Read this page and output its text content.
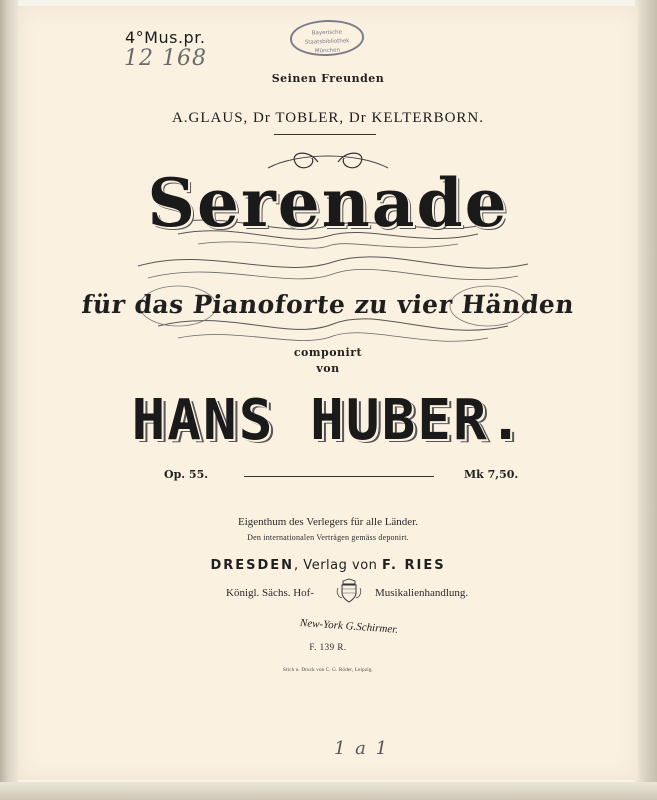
4°Mus.pr.
12 168
Bayerische
Staatsbibliothek
München
Seinen Freunden
A.GLAUS, Dr TOBLER, Dr KELTERBORN.
Serenade
für das Pianoforte zu vier Händen
componirt
von
HANS HUBER.
Op. 55.	Mk 7,50.
Eigenthum des Verlegers für alle Länder.
Den internationalen Verträgen gemäss deponirt.
DRESDEN, Verlag von F. RIES
Königl. Sächs. Hof-	Musikalienhandlung.
New-York G.Schirmer.
F. 139 R.
Stich u. Druck von C. G. Röder, Leipzig.
1 a 1
